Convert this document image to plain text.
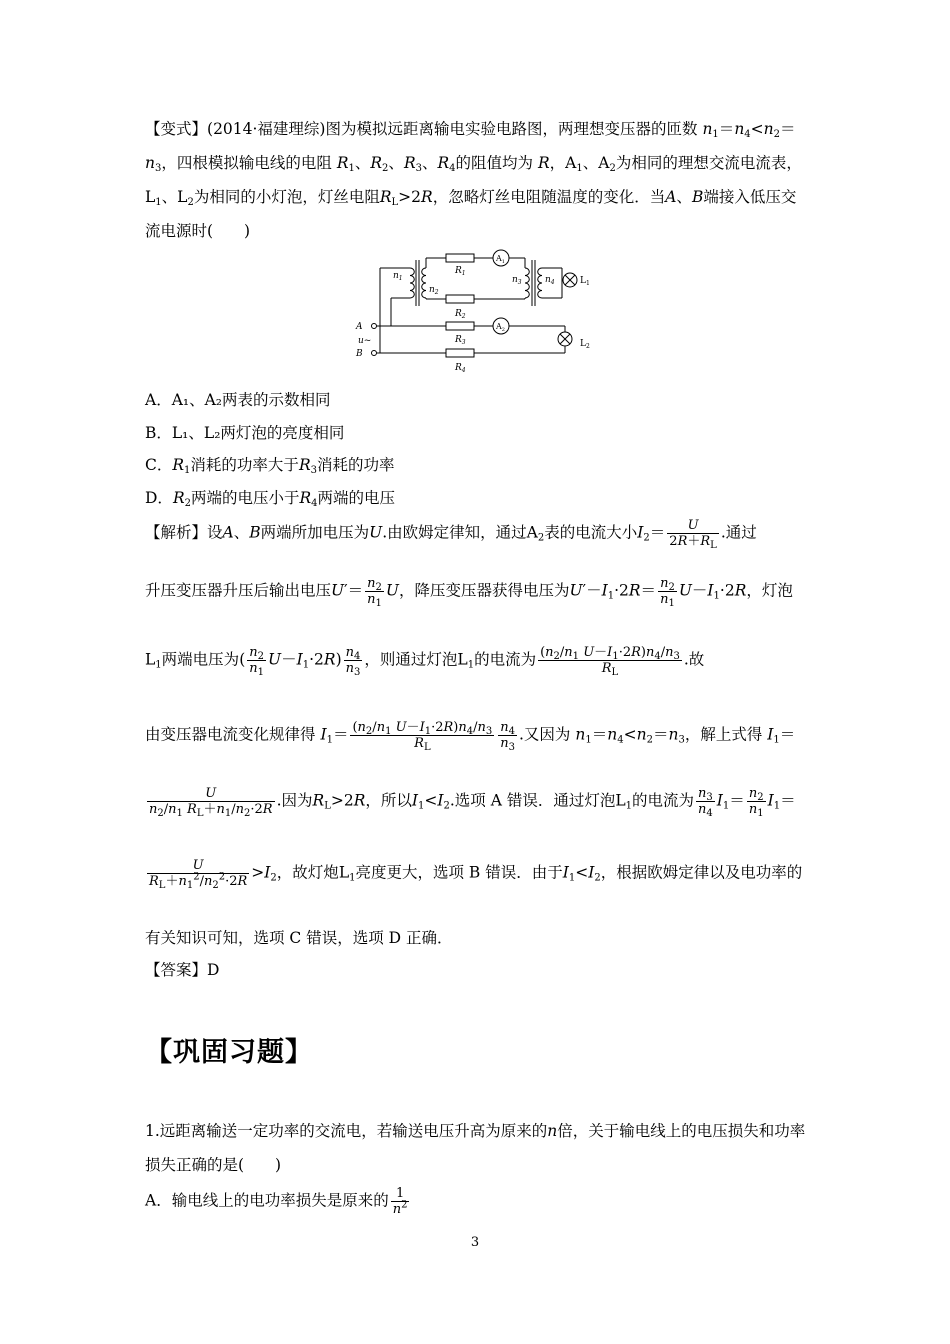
【变式】(2014·福建理综)图为模拟远距离输电实验电路图，两理想变压器的匝数 $n_1=n_4<n_2=n_3$，四根模拟输电线的电阻 $R_1$、$R_2$、$R_3$、$R_4$的阻值均为 R，$A_1$、$A_2$为相同的理想交流电流表，$L_1$、$L_2$为相同的小灯泡，灯丝电阻$R_L>2R$，忽略灯丝电阻随温度的变化．当A、B端接入低压交流电源时(　　)
$n_1$
$n_2$
$n_3$	$n_4$
$R_1$
$R_2$
$R_3$
$R_4$
$A_1$
$A_2$
$L_1$
$L_2$
A
u~
B
A．A₁、A₂两表的示数相同
B．L₁、L₂两灯泡的亮度相同
C．$R_1$消耗的功率大于$R_3$消耗的功率
D．$R_2$两端的电压小于$R_4$两端的电压
【解析】设A、B两端所加电压为U.由欧姆定律知，通过$A_2$表的电流大小$I_2= \frac{U}{2R+R_L}$ .通过
升压变压器升压后输出电压$U'= \frac{n_2}{n_1}$ U，降压变压器获得电压为$U'-I_1\cdot 2R= \frac{n_2}{n_1} U-I_1\cdot 2R$，灯泡
$L_1$两端电压为( $\frac{n_2}{n_1} U-I_1\cdot 2R) \frac{n_4}{n_3}$ ，则通过灯泡$L_1$的电流为 $\frac{(n_2/n_1 U-I_1\cdot 2R)n_4/n_3}{R_L}$ .故
由变压器电流变化规律得 $I_1= \frac{(n_2/n_1 U-I_1\cdot 2R)n_4/n_3}{R_L} \frac{n_4}{n_3}$ .又因为 $n_1=n_4<n_2=n_3$，解上式得 $I_1=$
$\frac{U}{n_2/n_1 R_L+n_1/n_2\cdot 2R}$ .因为$R_L>2R$，所以$I_1<I_2$.选项 A 错误．通过灯泡$L_1$的电流为 $\frac{n_3}{n_4} I_1= \frac{n_2}{n_1} I_1=$
$\frac{U}{R_L+n_1^2/n_2^2\cdot 2R} >I_2$，故灯炮$L_1$亮度更大，选项 B 错误．由于$I_1<I_2$，根据欧姆定律以及电功率的
有关知识可知，选项 C 错误，选项 D 正确．
【答案】D
【巩固习题】
1.远距离输送一定功率的交流电，若输送电压升高为原来的n倍，关于输电线上的电压损失和功率损失正确的是(　　)
A．输电线上的电功率损失是原来的 $\frac{1}{n^2}$
3
